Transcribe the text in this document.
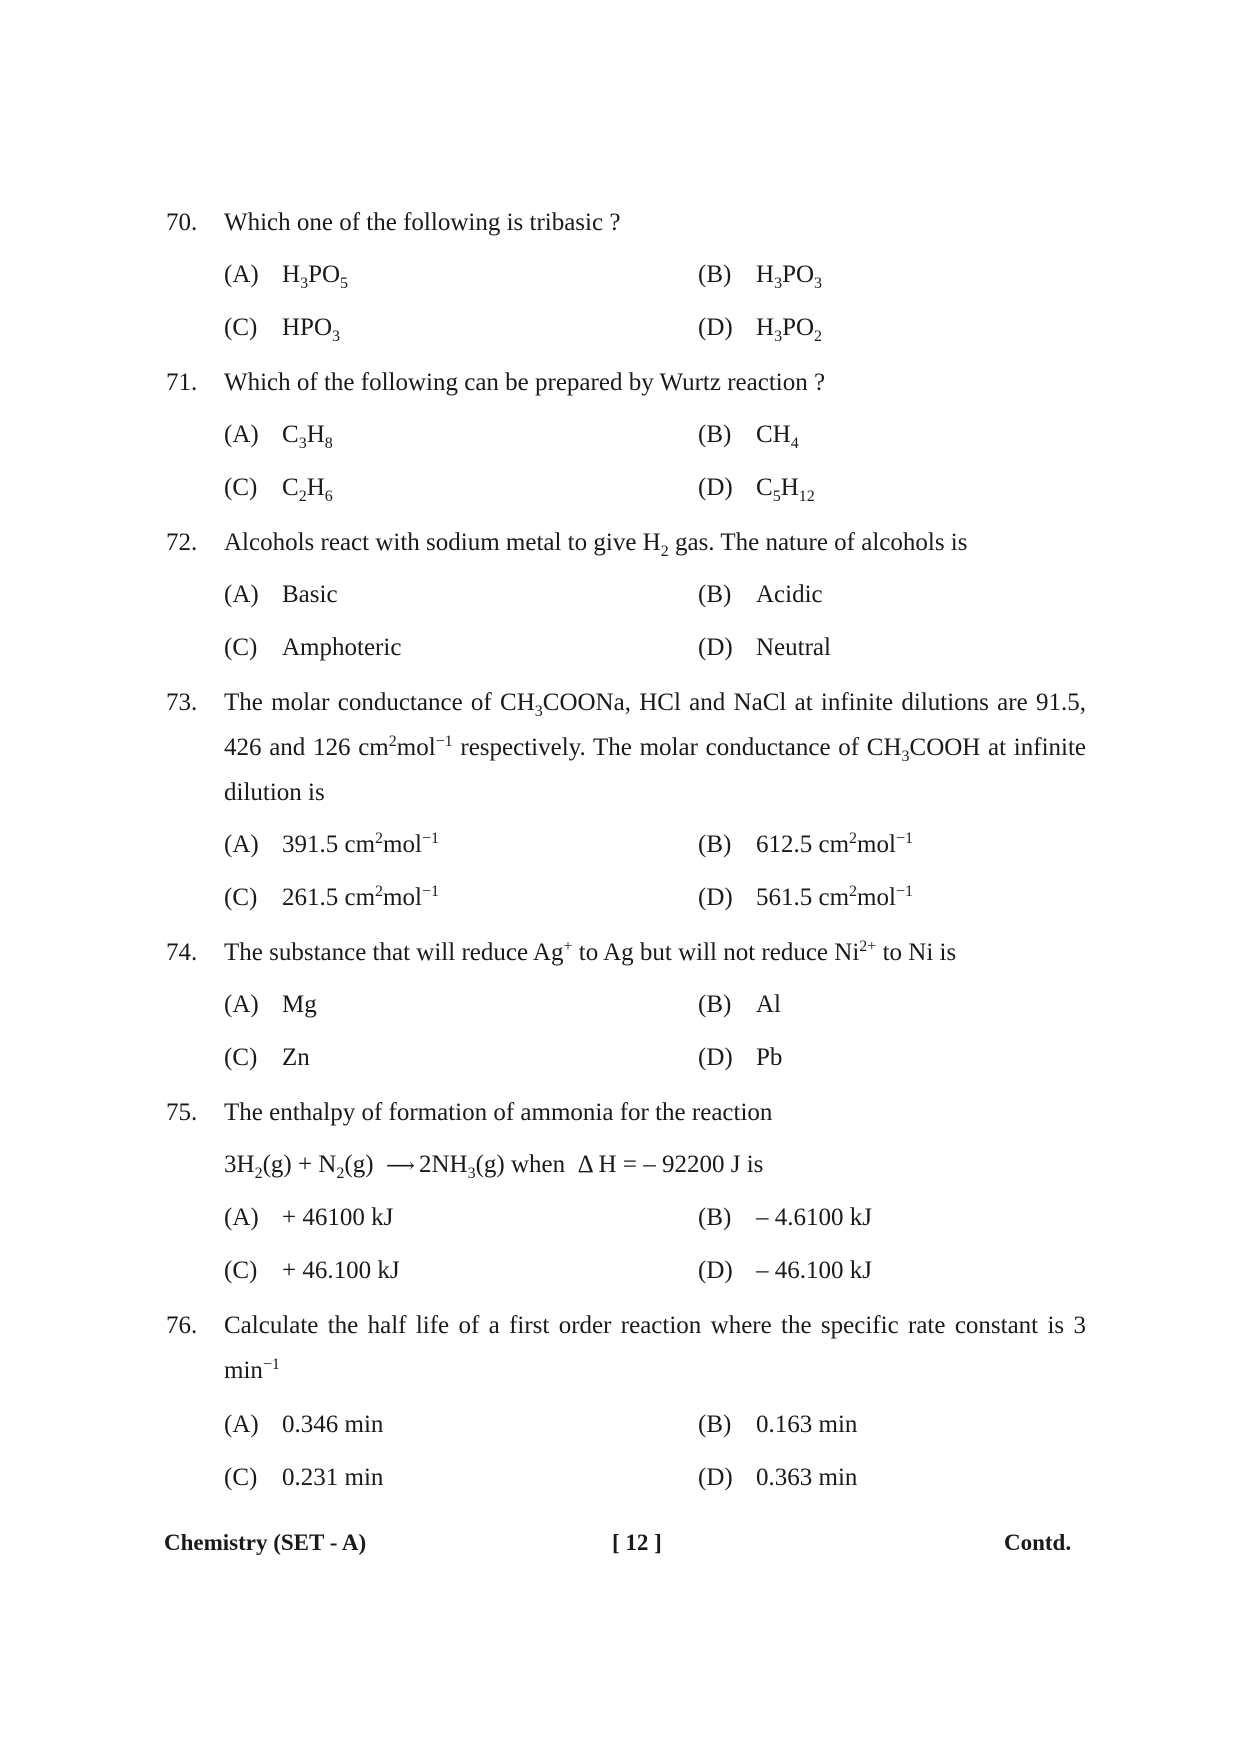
70.	Which one of the following is tribasic ?
(A) $H_3PO_5$	(B) $H_3PO_3$
(C) $HPO_3$	(D) $H_3PO_2$
71.	Which of the following can be prepared by Wurtz reaction ?
(A) $C_3H_8$	(B) $CH_4$
(C) $C_2H_6$	(D) $C_5H_{12}$
72.	Alcohols react with sodium metal to give $H_2$ gas. The nature of alcohols is
(A) Basic	(B) Acidic
(C) Amphoteric	(D) Neutral
73.	The molar conductance of $CH_3COONa$, HCl and NaCl at infinite dilutions are 91.5, 426 and 126 $cm^2mol^{-1}$ respectively. The molar conductance of $CH_3COOH$ at infinite dilution is
(A) 391.5 $cm^2mol^{-1}$	(B) 612.5 $cm^2mol^{-1}$
(C) 261.5 $cm^2mol^{-1}$	(D) 561.5 $cm^2mol^{-1}$
74.	The substance that will reduce Ag+ to Ag but will not reduce $Ni^{2+}$ to Ni is
(A) Mg	(B) Al
(C) Zn	(D) Pb
75.	The enthalpy of formation of ammonia for the reaction
$3H_2(g) + N_2(g)$  ⟶ $2NH_3(g)$ when  Δ H = – 92200 J is
(A) + 46100 kJ	(B) – 4.6100 kJ
(C) + 46.100 kJ	(D) – 46.100 kJ
76.	Calculate the half life of a first order reaction where the specific rate constant is 3 $\min^{-1}$
(A) 0.346 min	(B) 0.163 min
(C) 0.231 min	(D) 0.363 min
Chemistry (SET - A)	[ 12 ]	Contd.
